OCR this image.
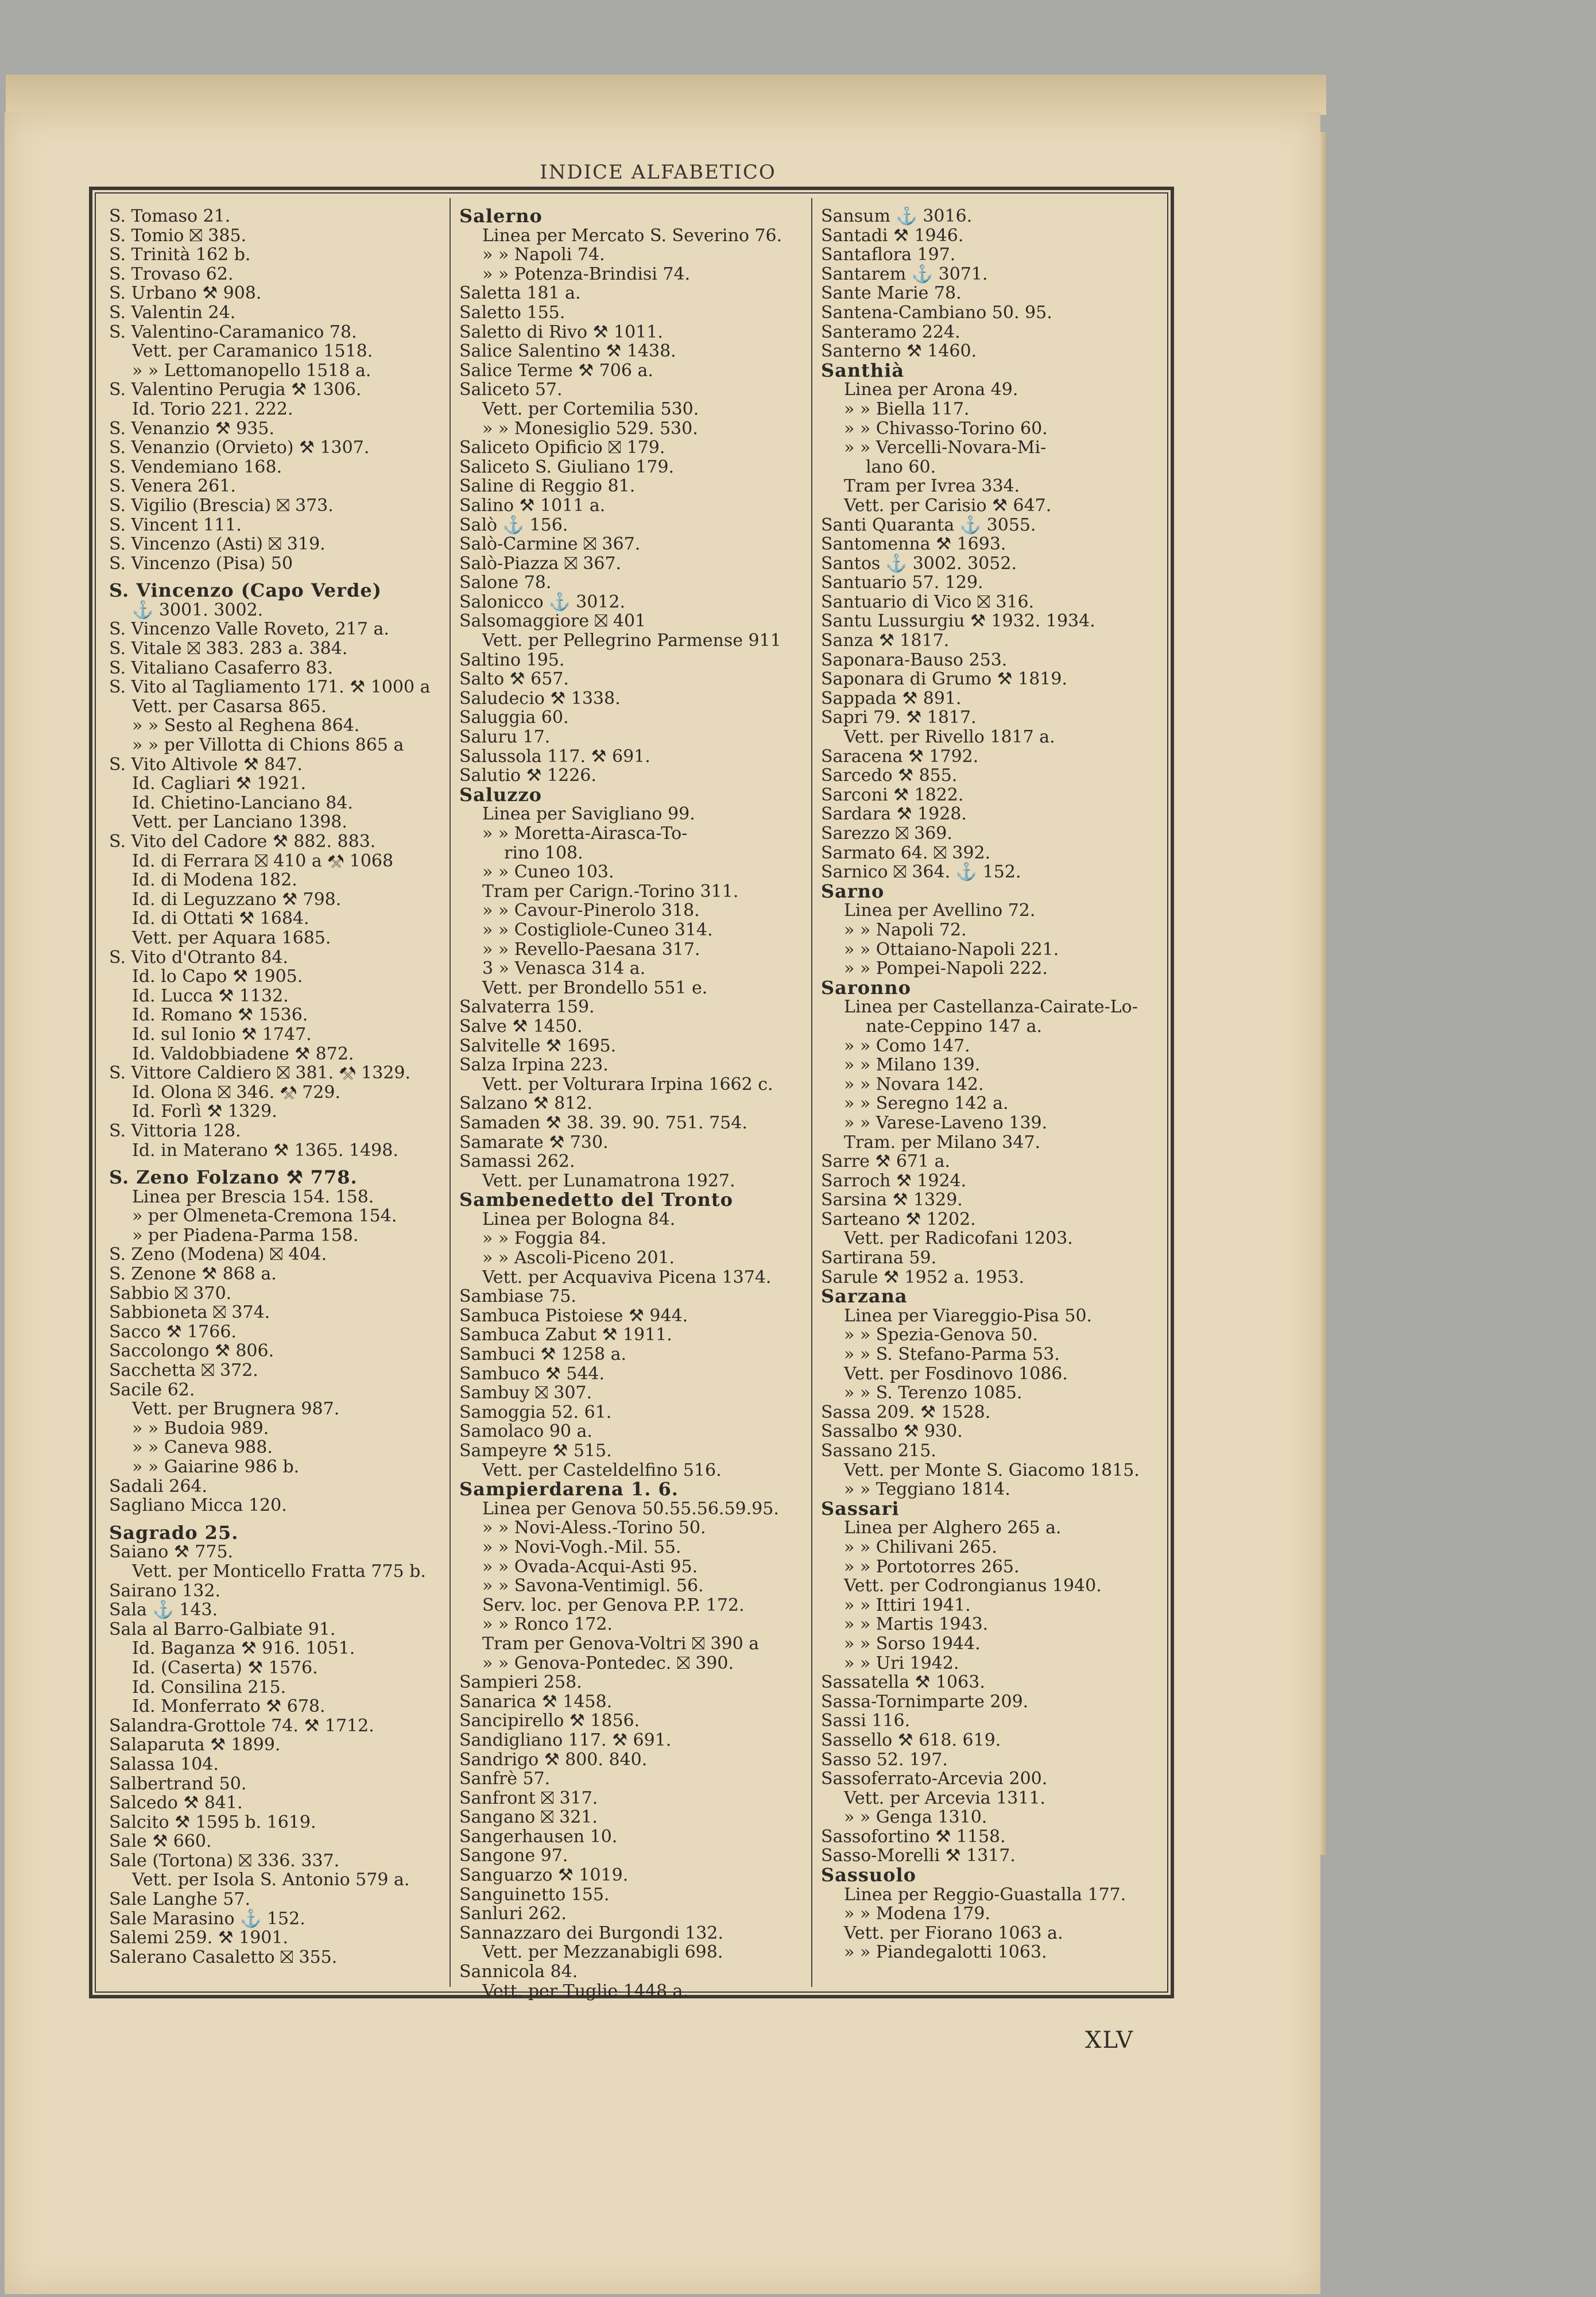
INDICE ALFABETICO
S. Tomaso 21.
S. Tomio ⛝ 385.
S. Trinità 162 b.
S. Trovaso 62.
S. Urbano ⚒ 908.
S. Valentin 24.
S. Valentino-Caramanico 78.
Vett. per Caramanico 1518.
» » Lettomanopello 1518 a.
S. Valentino Perugia ⚒ 1306.
Id. Torio 221. 222.
S. Venanzio ⚒ 935.
S. Venanzio (Orvieto) ⚒ 1307.
S. Vendemiano 168.
S. Venera 261.
S. Vigilio (Brescia) ⛝ 373.
S. Vincent 111.
S. Vincenzo (Asti) ⛝ 319.
S. Vincenzo (Pisa) 50
S. Vincenzo (Capo Verde)
⚓ 3001. 3002.
S. Vincenzo Valle Roveto, 217 a.
S. Vitale ⛝ 383. 283 a. 384.
S. Vitaliano Casaferro 83.
S. Vito al Tagliamento 171. ⚒ 1000 a
Vett. per Casarsa 865.
» » Sesto al Reghena 864.
» » per Villotta di Chions 865 a
S. Vito Altivole ⚒ 847.
Id. Cagliari ⚒ 1921.
Id. Chietino-Lanciano 84.
Vett. per Lanciano 1398.
S. Vito del Cadore ⚒ 882. 883.
Id. di Ferrara ⛝ 410 a ⚒ 1068
Id. di Modena 182.
Id. di Leguzzano ⚒ 798.
Id. di Ottati ⚒ 1684.
Vett. per Aquara 1685.
S. Vito d'Otranto 84.
Id. lo Capo ⚒ 1905.
Id. Lucca ⚒ 1132.
Id. Romano ⚒ 1536.
Id. sul Ionio ⚒ 1747.
Id. Valdobbiadene ⚒ 872.
S. Vittore Caldiero ⛝ 381. ⚒ 1329.
Id. Olona ⛝ 346. ⚒ 729.
Id. Forlì ⚒ 1329.
S. Vittoria 128.
Id. in Materano ⚒ 1365. 1498.
S. Zeno Folzano ⚒ 778.
Linea per Brescia 154. 158.
» per Olmeneta-Cremona 154.
» per Piadena-Parma 158.
S. Zeno (Modena) ⛝ 404.
S. Zenone ⚒ 868 a.
Sabbio ⛝ 370.
Sabbioneta ⛝ 374.
Sacco ⚒ 1766.
Saccolongo ⚒ 806.
Sacchetta ⛝ 372.
Sacile 62.
Vett. per Brugnera 987.
» » Budoia 989.
» » Caneva 988.
» » Gaiarine 986 b.
Sadali 264.
Sagliano Micca 120.
Sagrado 25.
Saiano ⚒ 775.
Vett. per Monticello Fratta 775 b.
Sairano 132.
Sala ⚓ 143.
Sala al Barro-Galbiate 91.
Id. Baganza ⚒ 916. 1051.
Id. (Caserta) ⚒ 1576.
Id. Consilina 215.
Id. Monferrato ⚒ 678.
Salandra-Grottole 74. ⚒ 1712.
Salaparuta ⚒ 1899.
Salassa 104.
Salbertrand 50.
Salcedo ⚒ 841.
Salcito ⚒ 1595 b. 1619.
Sale ⚒ 660.
Sale (Tortona) ⛝ 336. 337.
Vett. per Isola S. Antonio 579 a.
Sale Langhe 57.
Sale Marasino ⚓ 152.
Salemi 259. ⚒ 1901.
Salerano Casaletto ⛝ 355.
Salerno
Linea per Mercato S. Severino 76.
» » Napoli 74.
» » Potenza-Brindisi 74.
Saletta 181 a.
Saletto 155.
Saletto di Rivo ⚒ 1011.
Salice Salentino ⚒ 1438.
Salice Terme ⚒ 706 a.
Saliceto 57.
Vett. per Cortemilia 530.
» » Monesiglio 529. 530.
Saliceto Opificio ⛝ 179.
Saliceto S. Giuliano 179.
Saline di Reggio 81.
Salino ⚒ 1011 a.
Salò ⚓ 156.
Salò-Carmine ⛝ 367.
Salò-Piazza ⛝ 367.
Salone 78.
Salonicco ⚓ 3012.
Salsomaggiore ⛝ 401
Vett. per Pellegrino Parmense 911
Saltino 195.
Salto ⚒ 657.
Saludecio ⚒ 1338.
Saluggia 60.
Saluru 17.
Salussola 117. ⚒ 691.
Salutio ⚒ 1226.
Saluzzo
Linea per Savigliano 99.
» » Moretta-Airasca-To-
rino 108.
» » Cuneo 103.
Tram per Carign.-Torino 311.
» » Cavour-Pinerolo 318.
» » Costigliole-Cuneo 314.
» » Revello-Paesana 317.
3 » Venasca 314 a.
Vett. per Brondello 551 e.
Salvaterra 159.
Salve ⚒ 1450.
Salvitelle ⚒ 1695.
Salza Irpina 223.
Vett. per Volturara Irpina 1662 c.
Salzano ⚒ 812.
Samaden ⚒ 38. 39. 90. 751. 754.
Samarate ⚒ 730.
Samassi 262.
Vett. per Lunamatrona 1927.
Sambenedetto del Tronto
Linea per Bologna 84.
» » Foggia 84.
» » Ascoli-Piceno 201.
Vett. per Acquaviva Picena 1374.
Sambiase 75.
Sambuca Pistoiese ⚒ 944.
Sambuca Zabut ⚒ 1911.
Sambuci ⚒ 1258 a.
Sambuco ⚒ 544.
Sambuy ⛝ 307.
Samoggia 52. 61.
Samolaco 90 a.
Sampeyre ⚒ 515.
Vett. per Casteldelfino 516.
Sampierdarena 1. 6.
Linea per Genova 50.55.56.59.95.
» » Novi-Aless.-Torino 50.
» » Novi-Vogh.-Mil. 55.
» » Ovada-Acqui-Asti 95.
» » Savona-Ventimigl. 56.
Serv. loc. per Genova P.P. 172.
» » Ronco 172.
Tram per Genova-Voltri ⛝ 390 a
» » Genova-Pontedec. ⛝ 390.
Sampieri 258.
Sanarica ⚒ 1458.
Sancipirello ⚒ 1856.
Sandigliano 117. ⚒ 691.
Sandrigo ⚒ 800. 840.
Sanfrè 57.
Sanfront ⛝ 317.
Sangano ⛝ 321.
Sangerhausen 10.
Sangone 97.
Sanguarzo ⚒ 1019.
Sanguinetto 155.
Sanluri 262.
Sannazzaro dei Burgondi 132.
Vett. per Mezzanabigli 698.
Sannicola 84.
Vett. per Tuglie 1448 a.
Sansum ⚓ 3016.
Santadi ⚒ 1946.
Santaflora 197.
Santarem ⚓ 3071.
Sante Marie 78.
Santena-Cambiano 50. 95.
Santeramo 224.
Santerno ⚒ 1460.
Santhià
Linea per Arona 49.
» » Biella 117.
» » Chivasso-Torino 60.
» » Vercelli-Novara-Mi-
lano 60.
Tram per Ivrea 334.
Vett. per Carisio ⚒ 647.
Santi Quaranta ⚓ 3055.
Santomenna ⚒ 1693.
Santos ⚓ 3002. 3052.
Santuario 57. 129.
Santuario di Vico ⛝ 316.
Santu Lussurgiu ⚒ 1932. 1934.
Sanza ⚒ 1817.
Saponara-Bauso 253.
Saponara di Grumo ⚒ 1819.
Sappada ⚒ 891.
Sapri 79. ⚒ 1817.
Vett. per Rivello 1817 a.
Saracena ⚒ 1792.
Sarcedo ⚒ 855.
Sarconi ⚒ 1822.
Sardara ⚒ 1928.
Sarezzo ⛝ 369.
Sarmato 64. ⛝ 392.
Sarnico ⛝ 364. ⚓ 152.
Sarno
Linea per Avellino 72.
» » Napoli 72.
» » Ottaiano-Napoli 221.
» » Pompei-Napoli 222.
Saronno
Linea per Castellanza-Cairate-Lo-
nate-Ceppino 147 a.
» » Como 147.
» » Milano 139.
» » Novara 142.
» » Seregno 142 a.
» » Varese-Laveno 139.
Tram. per Milano 347.
Sarre ⚒ 671 a.
Sarroch ⚒ 1924.
Sarsina ⚒ 1329.
Sarteano ⚒ 1202.
Vett. per Radicofani 1203.
Sartirana 59.
Sarule ⚒ 1952 a. 1953.
Sarzana
Linea per Viareggio-Pisa 50.
» » Spezia-Genova 50.
» » S. Stefano-Parma 53.
Vett. per Fosdinovo 1086.
» » S. Terenzo 1085.
Sassa 209. ⚒ 1528.
Sassalbo ⚒ 930.
Sassano 215.
Vett. per Monte S. Giacomo 1815.
» » Teggiano 1814.
Sassari
Linea per Alghero 265 a.
» » Chilivani 265.
» » Portotorres 265.
Vett. per Codrongianus 1940.
» » Ittiri 1941.
» » Martis 1943.
» » Sorso 1944.
» » Uri 1942.
Sassatella ⚒ 1063.
Sassa-Tornimparte 209.
Sassi 116.
Sassello ⚒ 618. 619.
Sasso 52. 197.
Sassoferrato-Arcevia 200.
Vett. per Arcevia 1311.
» » Genga 1310.
Sassofortino ⚒ 1158.
Sasso-Morelli ⚒ 1317.
Sassuolo
Linea per Reggio-Guastalla 177.
» » Modena 179.
Vett. per Fiorano 1063 a.
» » Piandegalotti 1063.
XLV
